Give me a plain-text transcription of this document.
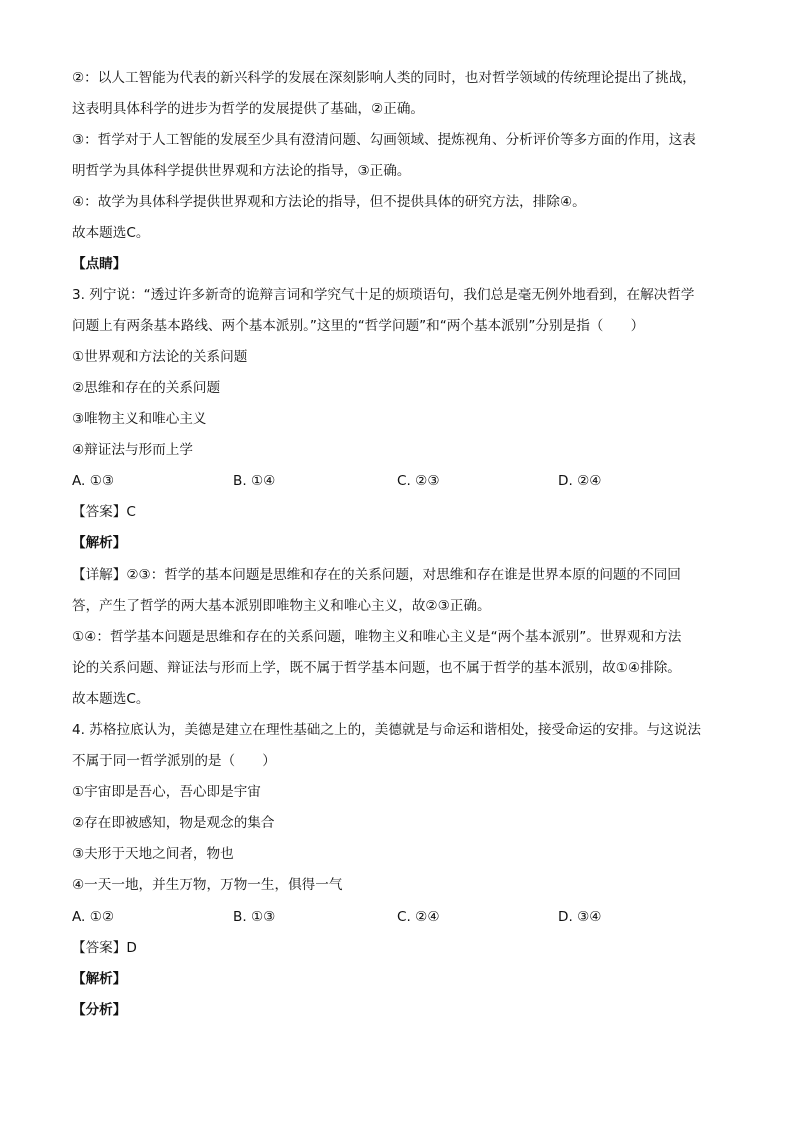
②：以人工智能为代表的新兴科学的发展在深刻影响人类的同时，也对哲学领域的传统理论提出了挑战，
这表明具体科学的进步为哲学的发展提供了基础，②正确。
③：哲学对于人工智能的发展至少具有澄清问题、勾画领域、提炼视角、分析评价等多方面的作用，这表
明哲学为具体科学提供世界观和方法论的指导，③正确。
④：故学为具体科学提供世界观和方法论的指导，但不提供具体的研究方法，排除④。
故本题选C。
【点睛】
3. 列宁说：“透过许多新奇的诡辩言词和学究气十足的烦琐语句，我们总是毫无例外地看到，在解决哲学
问题上有两条基本路线、两个基本派别。”这里的“哲学问题”和“两个基本派别”分别是指（　　）
①世界观和方法论的关系问题
②思维和存在的关系问题
③唯物主义和唯心主义
④辩证法与形而上学
A. ①③	B. ①④	C. ②③	D. ②④
【答案】C
【解析】
【详解】②③：哲学的基本问题是思维和存在的关系问题，对思维和存在谁是世界本原的问题的不同回
答，产生了哲学的两大基本派别即唯物主义和唯心主义，故②③正确。
①④：哲学基本问题是思维和存在的关系问题，唯物主义和唯心主义是“两个基本派别”。世界观和方法
论的关系问题、辩证法与形而上学，既不属于哲学基本问题，也不属于哲学的基本派别，故①④排除。
故本题选C。
4. 苏格拉底认为，美德是建立在理性基础之上的，美德就是与命运和谐相处，接受命运的安排。与这说法
不属于同一哲学派别的是（　　）
①宇宙即是吾心，吾心即是宇宙
②存在即被感知，物是观念的集合
③夫形于天地之间者，物也
④一天一地，并生万物，万物一生，俱得一气
A. ①②	B. ①③	C. ②④	D. ③④
【答案】D
【解析】
【分析】
